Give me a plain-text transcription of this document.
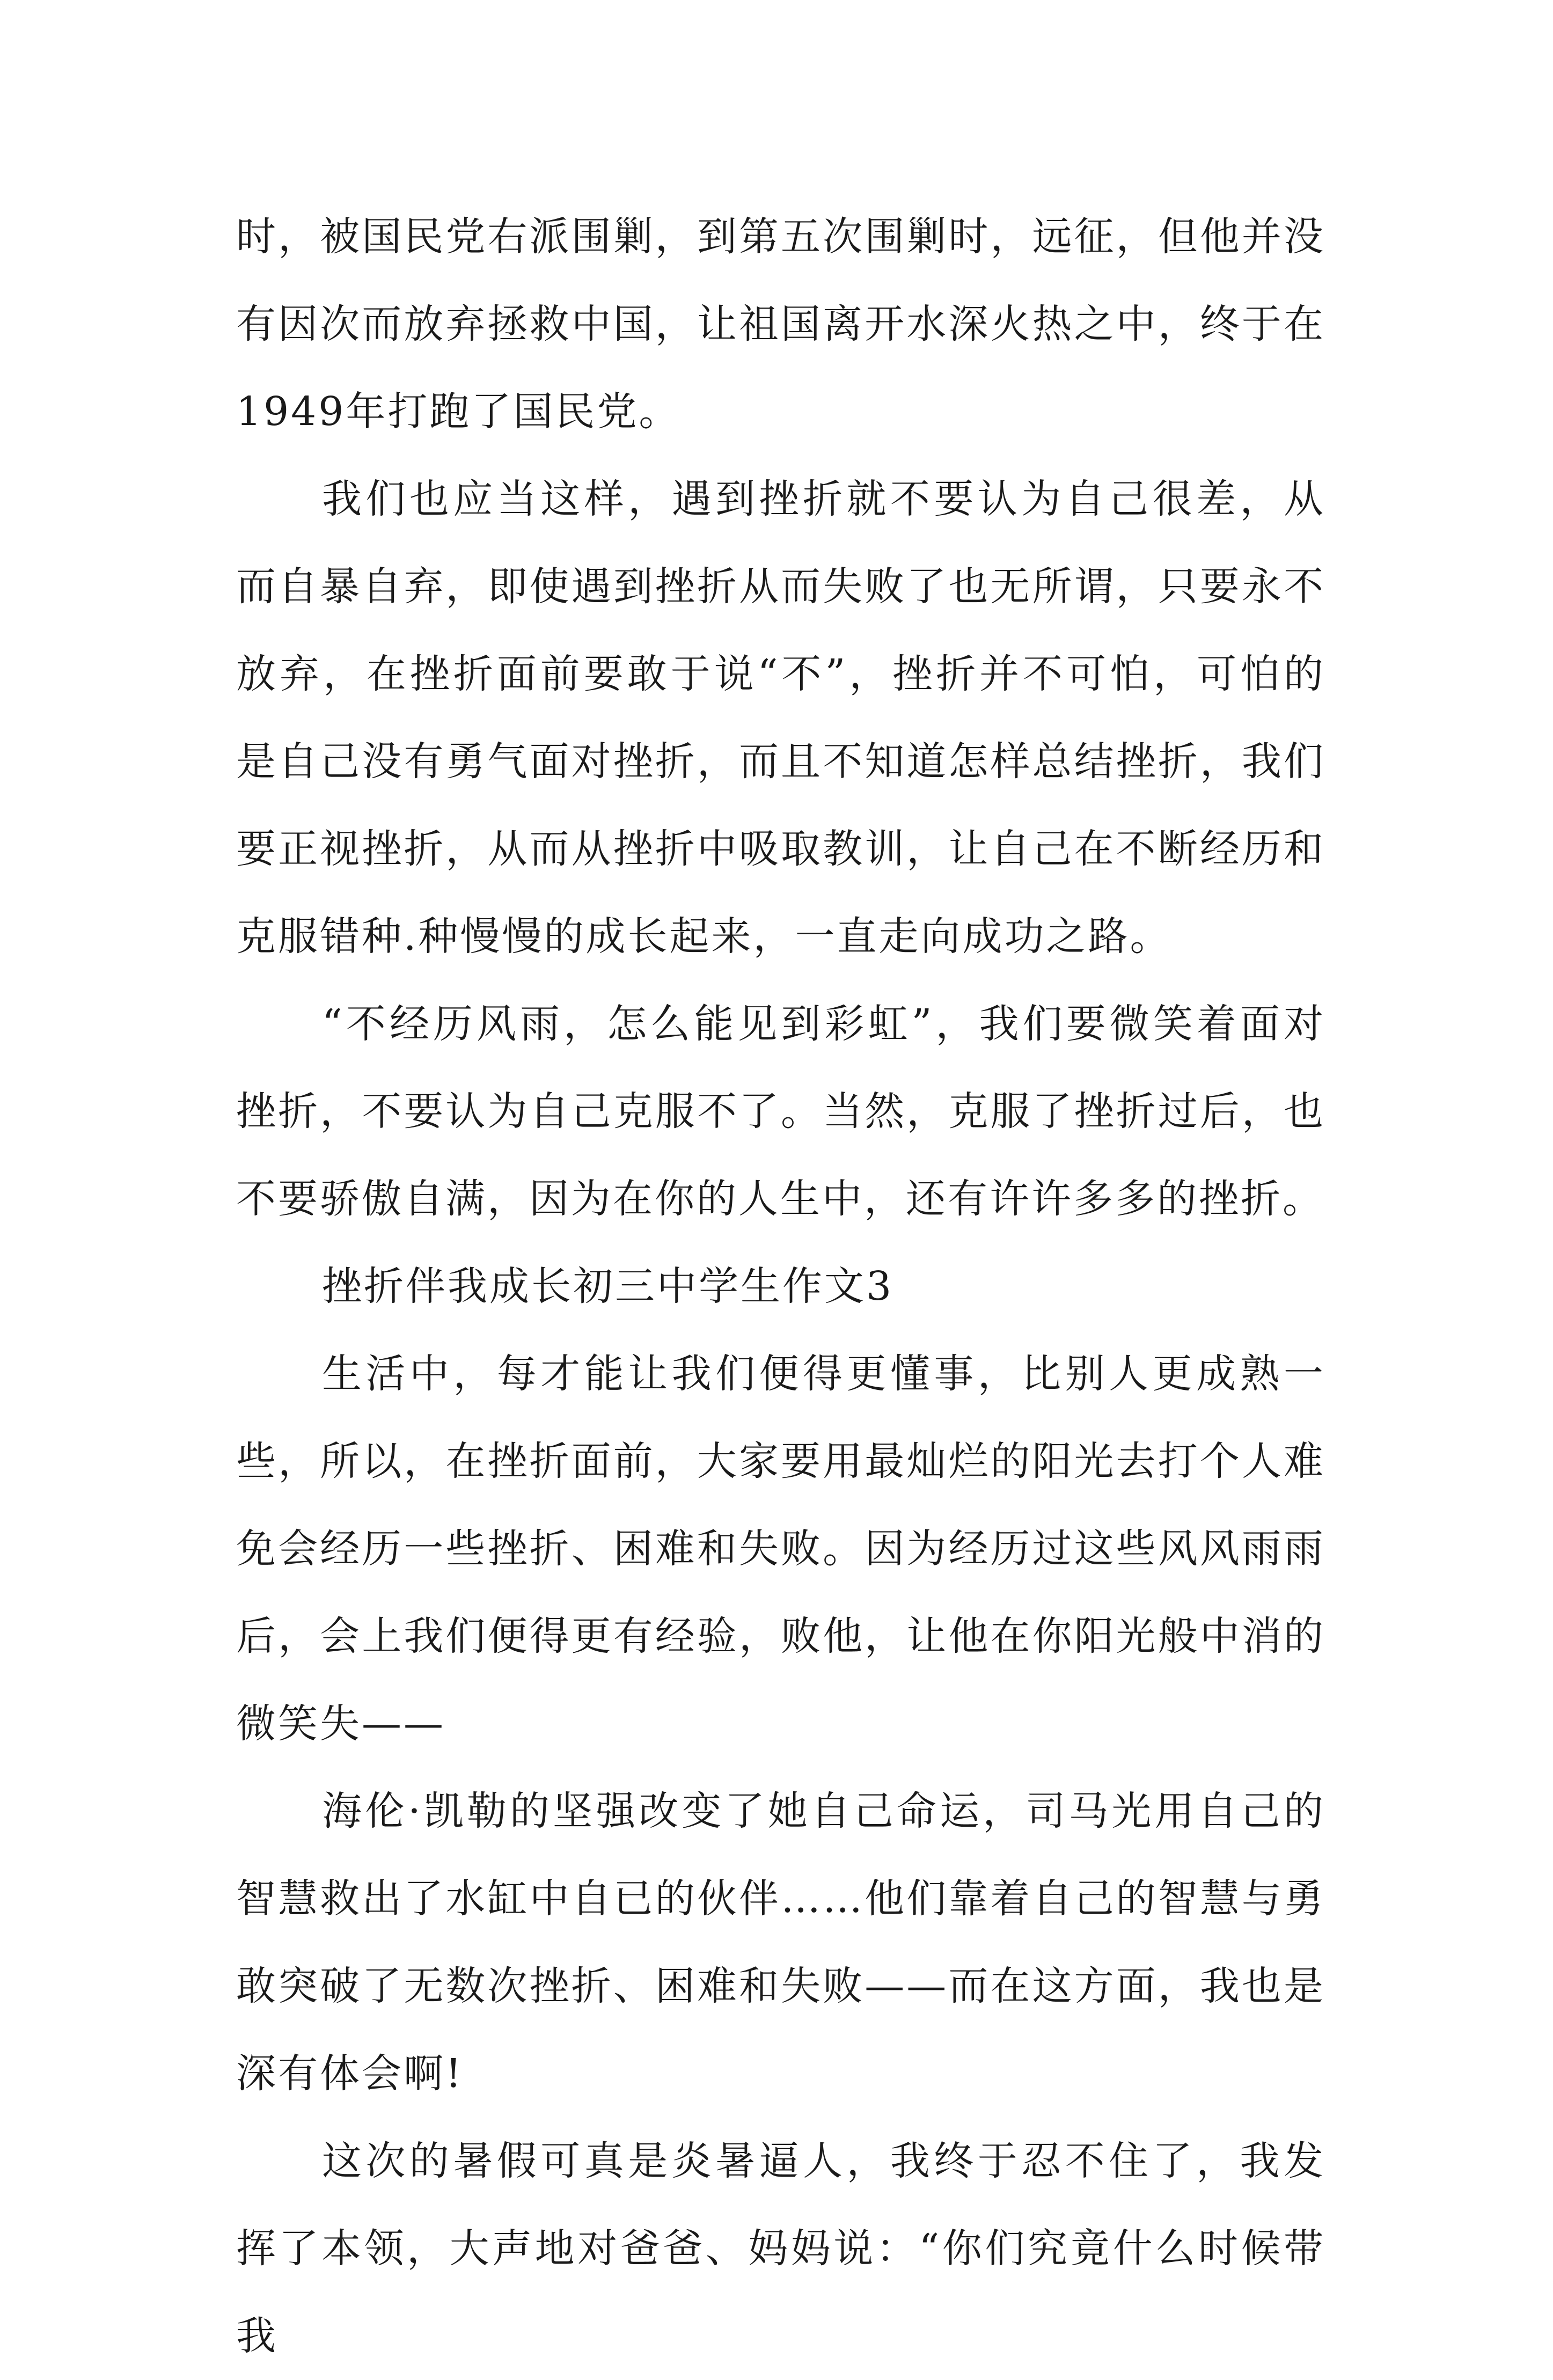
时，被国民党右派围剿，到第五次围剿时，远征，但他并没有因次而放弃拯救中国，让祖国离开水深火热之中，终于在1949年打跑了国民党。

我们也应当这样，遇到挫折就不要认为自己很差，从而自暴自弃，即使遇到挫折从而失败了也无所谓，只要永不放弃，在挫折面前要敢于说“不”，挫折并不可怕，可怕的是自己没有勇气面对挫折，而且不知道怎样总结挫折，我们要正视挫折，从而从挫折中吸取教训，让自己在不断经历和克服错种.种慢慢的成长起来，一直走向成功之路。

“不经历风雨，怎么能见到彩虹”，我们要微笑着面对挫折，不要认为自己克服不了。当然，克服了挫折过后，也不要骄傲自满，因为在你的人生中，还有许许多多的挫折。

挫折伴我成长初三中学生作文3

生活中，每才能让我们便得更懂事，比别人更成熟一些，所以，在挫折面前，大家要用最灿烂的阳光去打个人难免会经历一些挫折、困难和失败。因为经历过这些风风雨雨后，会上我们便得更有经验，败他，让他在你阳光般中消的微笑失——

海伦·凯勒的坚强改变了她自己命运，司马光用自己的智慧救出了水缸中自已的伙伴……他们靠着自己的智慧与勇敢突破了无数次挫折、困难和失败——而在这方面，我也是深有体会啊!

这次的暑假可真是炎暑逼人，我终于忍不住了，我发挥了本领，大声地对爸爸、妈妈说：“你们究竟什么时候带我
